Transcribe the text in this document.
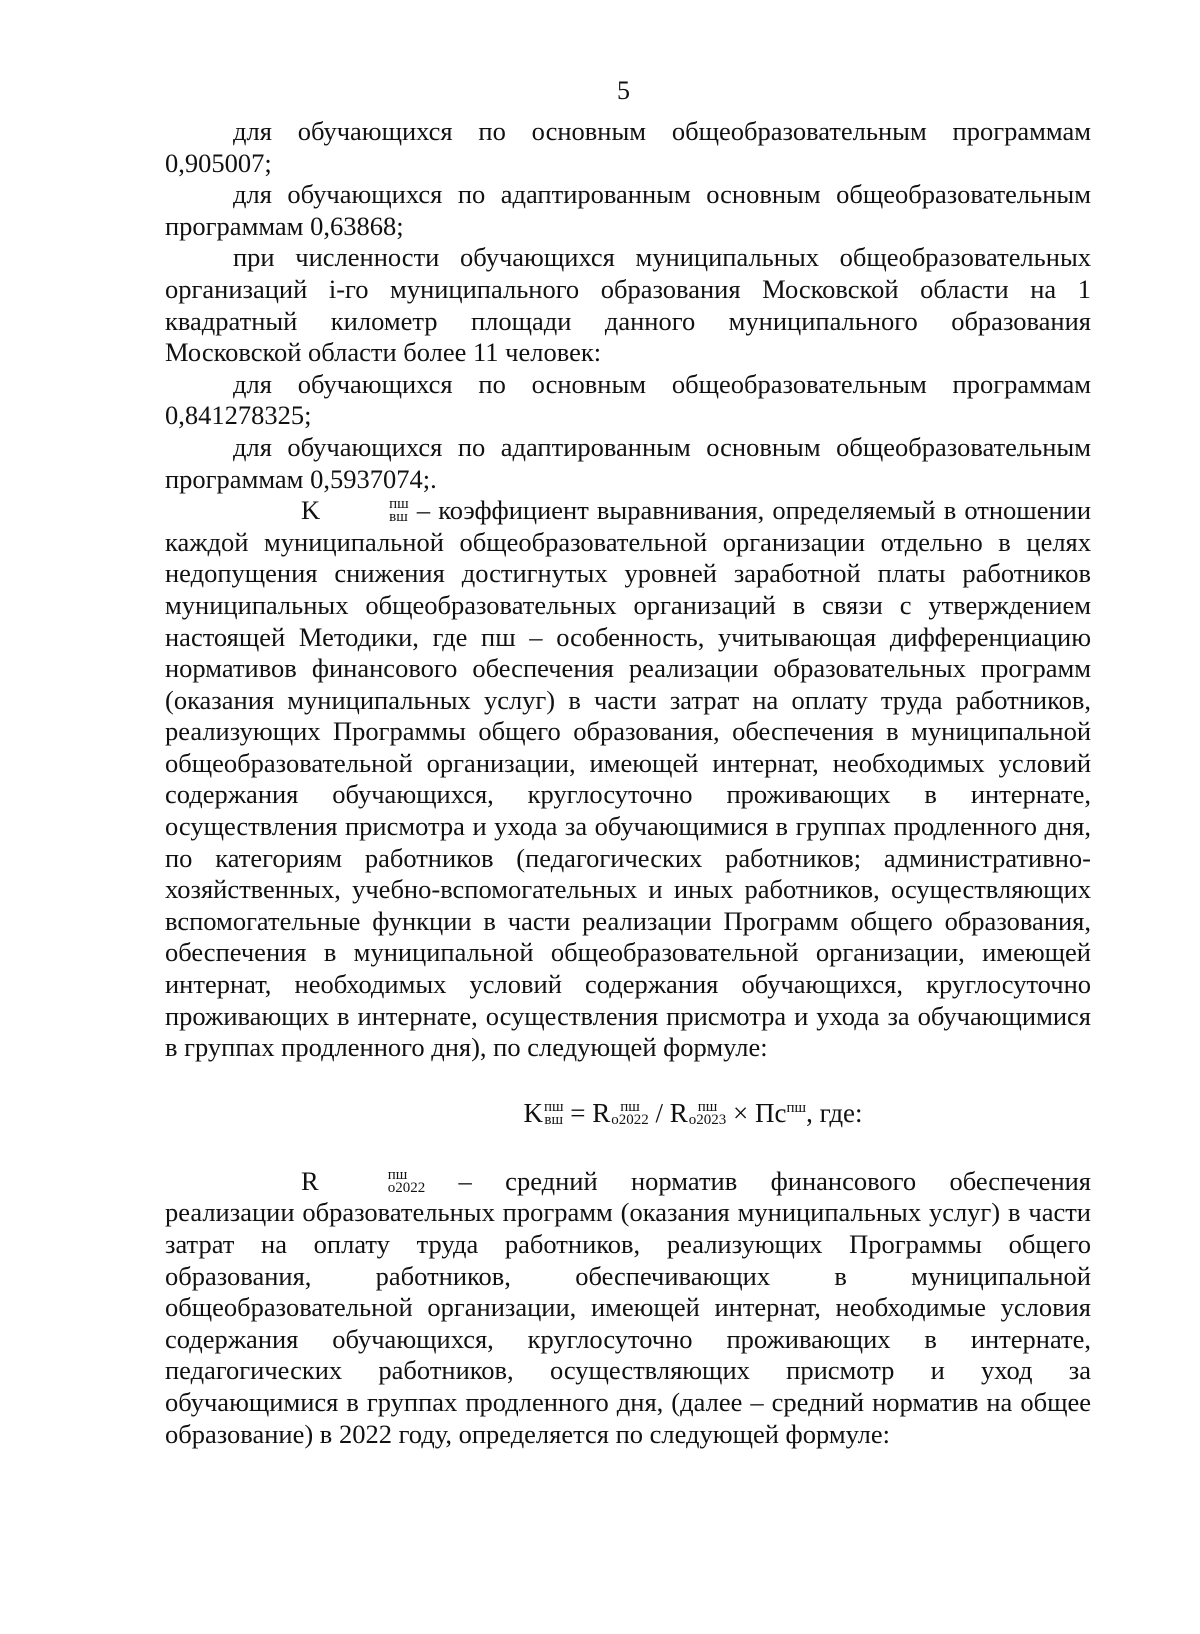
5

для обучающихся по основным общеобразовательным программам 0,905007;

для обучающихся по адаптированным основным общеобразовательным программам 0,63868;

при численности обучающихся муниципальных общеобразовательных организаций i-го муниципального образования Московской области на 1 квадратный километр площади данного муниципального образования Московской области более 11 человек:

для обучающихся по основным общеобразовательным программам 0,841278325;

для обучающихся по адаптированным основным общеобразовательным программам 0,5937074;.

K	пш
вш – коэффициент выравнивания, определяемый в отношении каждой муниципальной общеобразовательной организации отдельно в целях недопущения снижения достигнутых уровней заработной платы работников муниципальных общеобразовательных организаций в связи с утверждением настоящей Методики, где пш – особенность, учитывающая дифференциацию нормативов финансового обеспечения реализации образовательных программ (оказания муниципальных услуг) в части затрат на оплату труда работников, реализующих Программы общего образования, обеспечения в муниципальной общеобразовательной организации, имеющей интернат, необходимых условий содержания обучающихся, круглосуточно проживающих в интернате, осуществления присмотра и ухода за обучающимися в группах продленного дня, по категориям работников (педагогических работников; административно-хозяйственных, учебно-вспомогательных и иных работников, осуществляющих вспомогательные функции в части реализации Программ общего образования, обеспечения в муниципальной общеобразовательной организации, имеющей интернат, необходимых условий содержания обучающихся, круглосуточно проживающих в интернате, осуществления присмотра и ухода за обучающимися в группах продленного дня), по следующей формуле:

K пш
вш = R пш
o2022 / R пш
$o2023 \times Пс^{пш}$, где:

R	пш
o2022 – средний норматив финансового обеспечения реализации образовательных программ (оказания муниципальных услуг) в части затрат на оплату труда работников, реализующих Программы общего образования, работников, обеспечивающих в муниципальной общеобразовательной организации, имеющей интернат, необходимые условия содержания обучающихся, круглосуточно проживающих в интернате, педагогических работников, осуществляющих присмотр и уход за обучающимися в группах продленного дня, (далее – средний норматив на общее образование) в 2022 году, определяется по следующей формуле:
